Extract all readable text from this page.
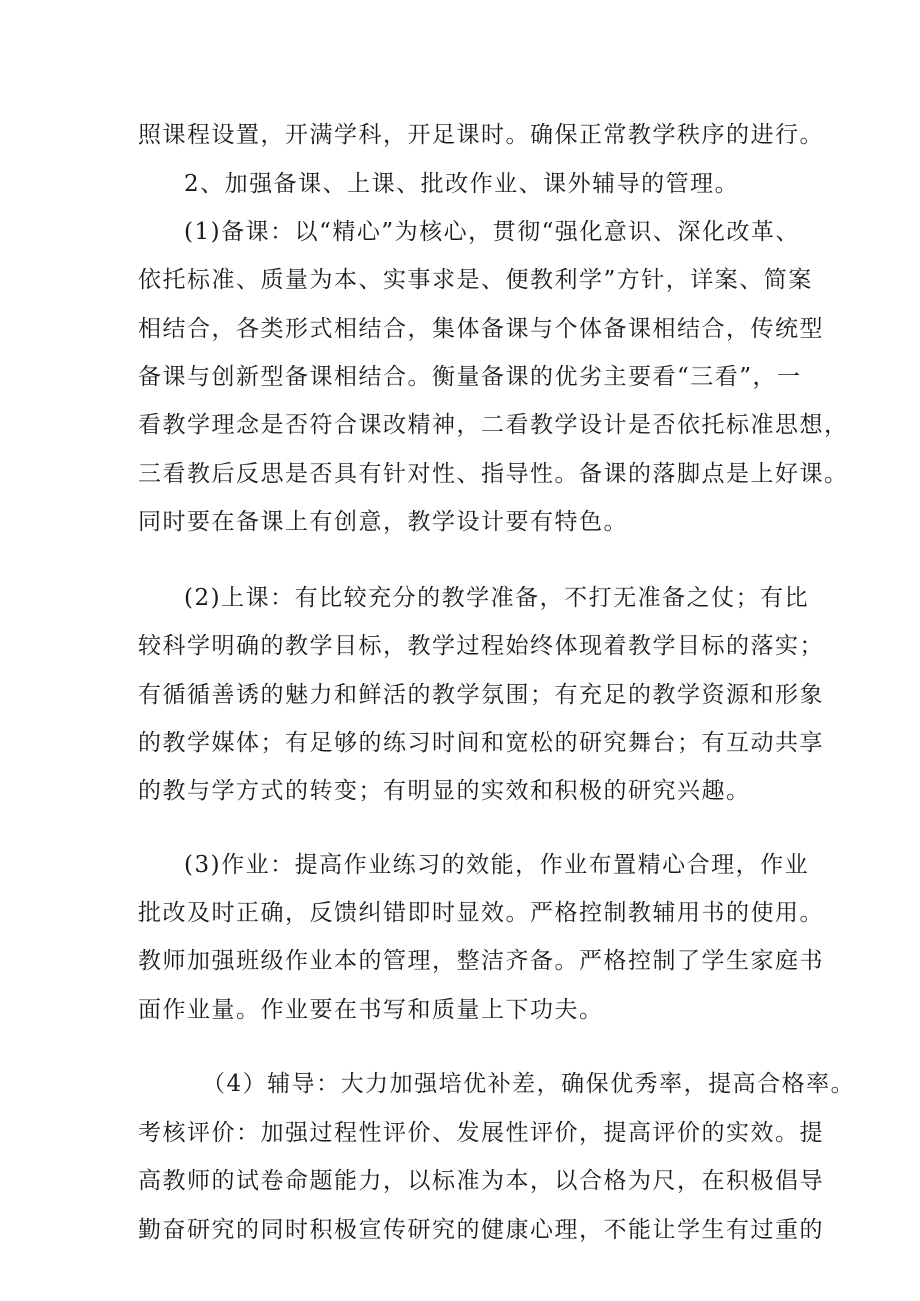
照课程设置，开满学科，开足课时。确保正常教学秩序的进行。
2、加强备课、上课、批改作业、课外辅导的管理。
(1)备课：以“精心”为核心，贯彻“强化意识、深化改革、
依托标准、质量为本、实事求是、便教利学”方针，详案、简案
相结合，各类形式相结合，集体备课与个体备课相结合，传统型
备课与创新型备课相结合。衡量备课的优劣主要看“三看”，一
看教学理念是否符合课改精神，二看教学设计是否依托标准思想，
三看教后反思是否具有针对性、指导性。备课的落脚点是上好课。
同时要在备课上有创意，教学设计要有特色。
(2)上课：有比较充分的教学准备，不打无准备之仗；有比
较科学明确的教学目标，教学过程始终体现着教学目标的落实；
有循循善诱的魅力和鲜活的教学氛围；有充足的教学资源和形象
的教学媒体；有足够的练习时间和宽松的研究舞台；有互动共享
的教与学方式的转变；有明显的实效和积极的研究兴趣。
(3)作业：提高作业练习的效能，作业布置精心合理，作业
批改及时正确，反馈纠错即时显效。严格控制教辅用书的使用。
教师加强班级作业本的管理，整洁齐备。严格控制了学生家庭书
面作业量。作业要在书写和质量上下功夫。
（4）辅导：大力加强培优补差，确保优秀率，提高合格率。
考核评价：加强过程性评价、发展性评价，提高评价的实效。提
高教师的试卷命题能力，以标准为本，以合格为尺，在积极倡导
勤奋研究的同时积极宣传研究的健康心理，不能让学生有过重的
